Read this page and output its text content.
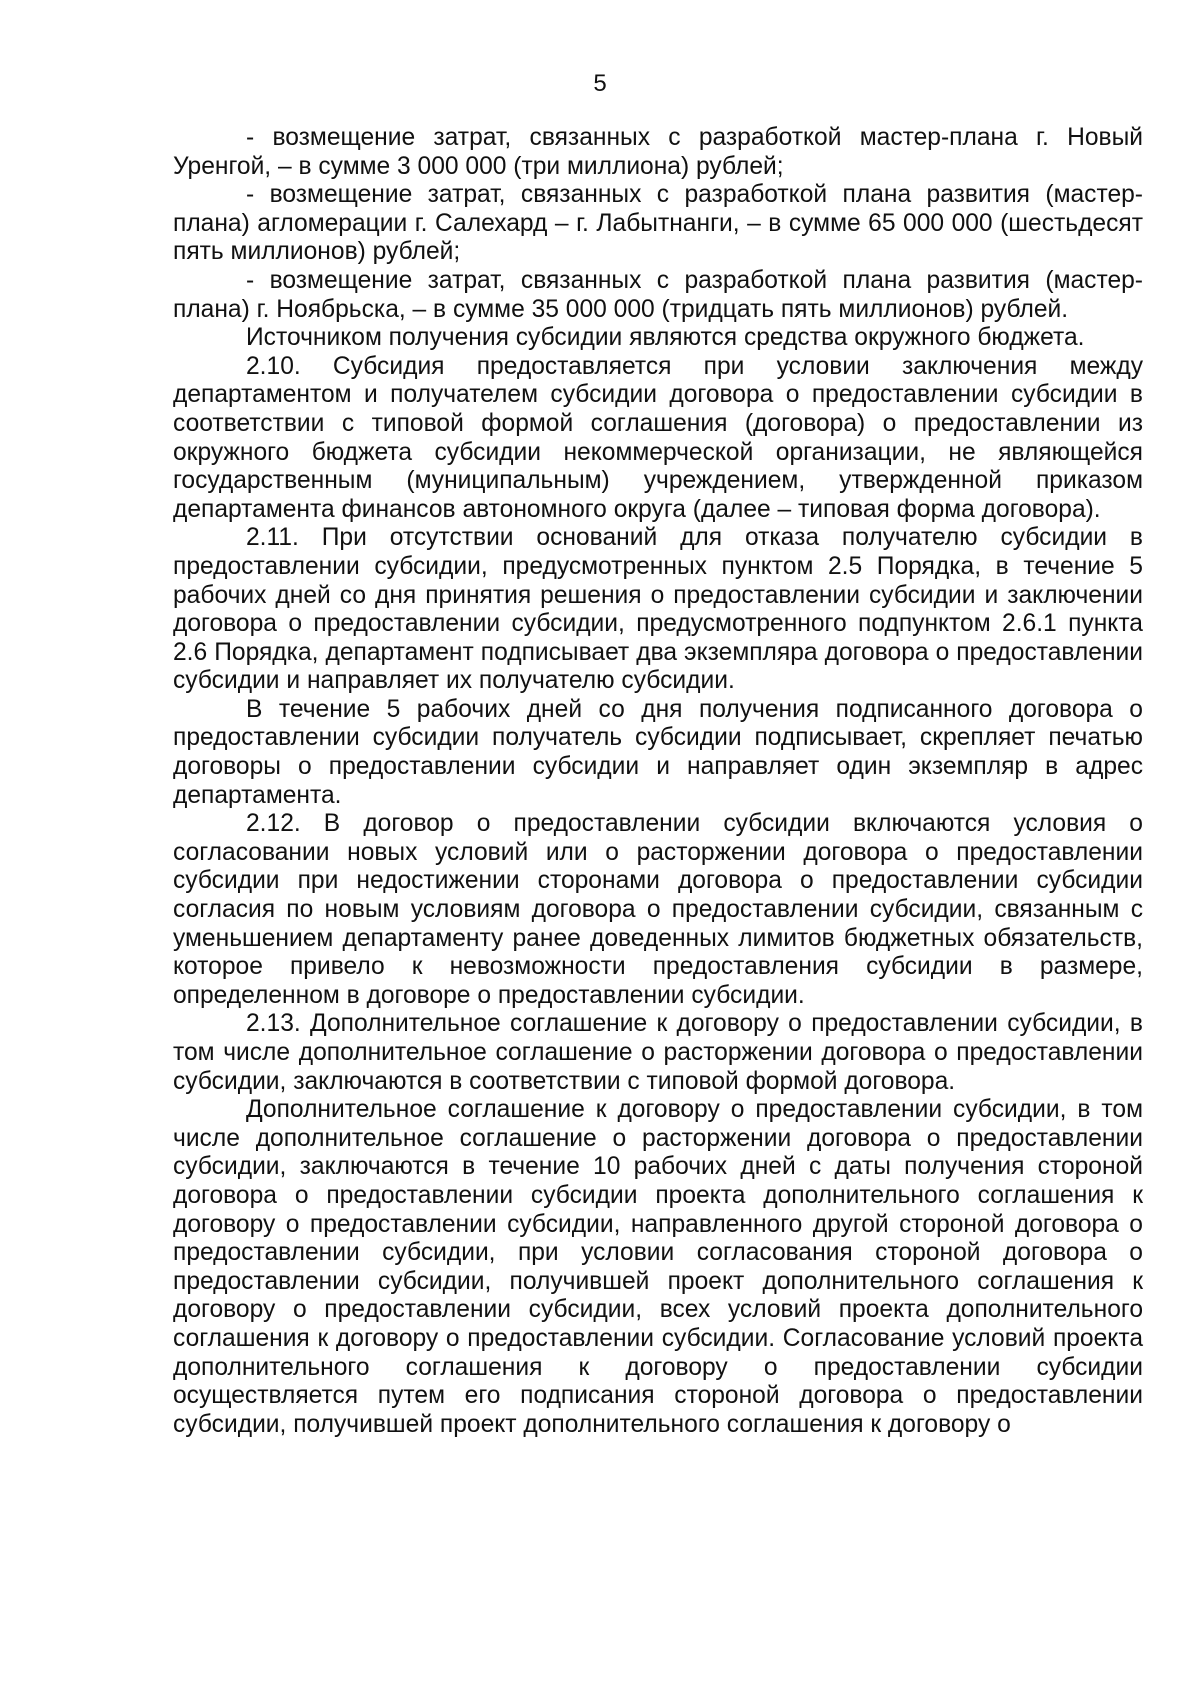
5

- возмещение затрат, связанных с разработкой мастер-плана г. Новый Уренгой, – в сумме 3 000 000 (три миллиона) рублей;

- возмещение затрат, связанных с разработкой плана развития (мастер-плана) агломерации г. Салехард – г. Лабытнанги, – в сумме 65 000 000 (шестьдесят пять миллионов) рублей;

- возмещение затрат, связанных с разработкой плана развития (мастер-плана) г. Ноябрьска, – в сумме 35 000 000 (тридцать пять миллионов) рублей.

Источником получения субсидии являются средства окружного бюджета.

2.10. Субсидия предоставляется при условии заключения между департаментом и получателем субсидии договора о предоставлении субсидии в соответствии с типовой формой соглашения (договора) о предоставлении из окружного бюджета субсидии некоммерческой организации, не являющейся государственным (муниципальным) учреждением, утвержденной приказом департамента финансов автономного округа (далее – типовая форма договора).

2.11. При отсутствии оснований для отказа получателю субсидии в предоставлении субсидии, предусмотренных пунктом 2.5 Порядка, в течение 5 рабочих дней со дня принятия решения о предоставлении субсидии и заключении договора о предоставлении субсидии, предусмотренного подпунктом 2.6.1 пункта 2.6 Порядка, департамент подписывает два экземпляра договора о предоставлении субсидии и направляет их получателю субсидии.

В течение 5 рабочих дней со дня получения подписанного договора о предоставлении субсидии получатель субсидии подписывает, скрепляет печатью договоры о предоставлении субсидии и направляет один экземпляр в адрес департамента.

2.12. В договор о предоставлении субсидии включаются условия о согласовании новых условий или о расторжении договора о предоставлении субсидии при недостижении сторонами договора о предоставлении субсидии согласия по новым условиям договора о предоставлении субсидии, связанным с уменьшением департаменту ранее доведенных лимитов бюджетных обязательств, которое привело к невозможности предоставления субсидии в размере, определенном в договоре о предоставлении субсидии.

2.13. Дополнительное соглашение к договору о предоставлении субсидии, в том числе дополнительное соглашение о расторжении договора о предоставлении субсидии, заключаются в соответствии с типовой формой договора.

Дополнительное соглашение к договору о предоставлении субсидии, в том числе дополнительное соглашение о расторжении договора о предоставлении субсидии, заключаются в течение 10 рабочих дней с даты получения стороной договора о предоставлении субсидии проекта дополнительного соглашения к договору о предоставлении субсидии, направленного другой стороной договора о предоставлении субсидии, при условии согласования стороной договора о предоставлении субсидии, получившей проект дополнительного соглашения к договору о предоставлении субсидии, всех условий проекта дополнительного соглашения к договору о предоставлении субсидии. Согласование условий проекта дополнительного соглашения к договору о предоставлении субсидии осуществляется путем его подписания стороной договора о предоставлении субсидии, получившей проект дополнительного соглашения к договору о
